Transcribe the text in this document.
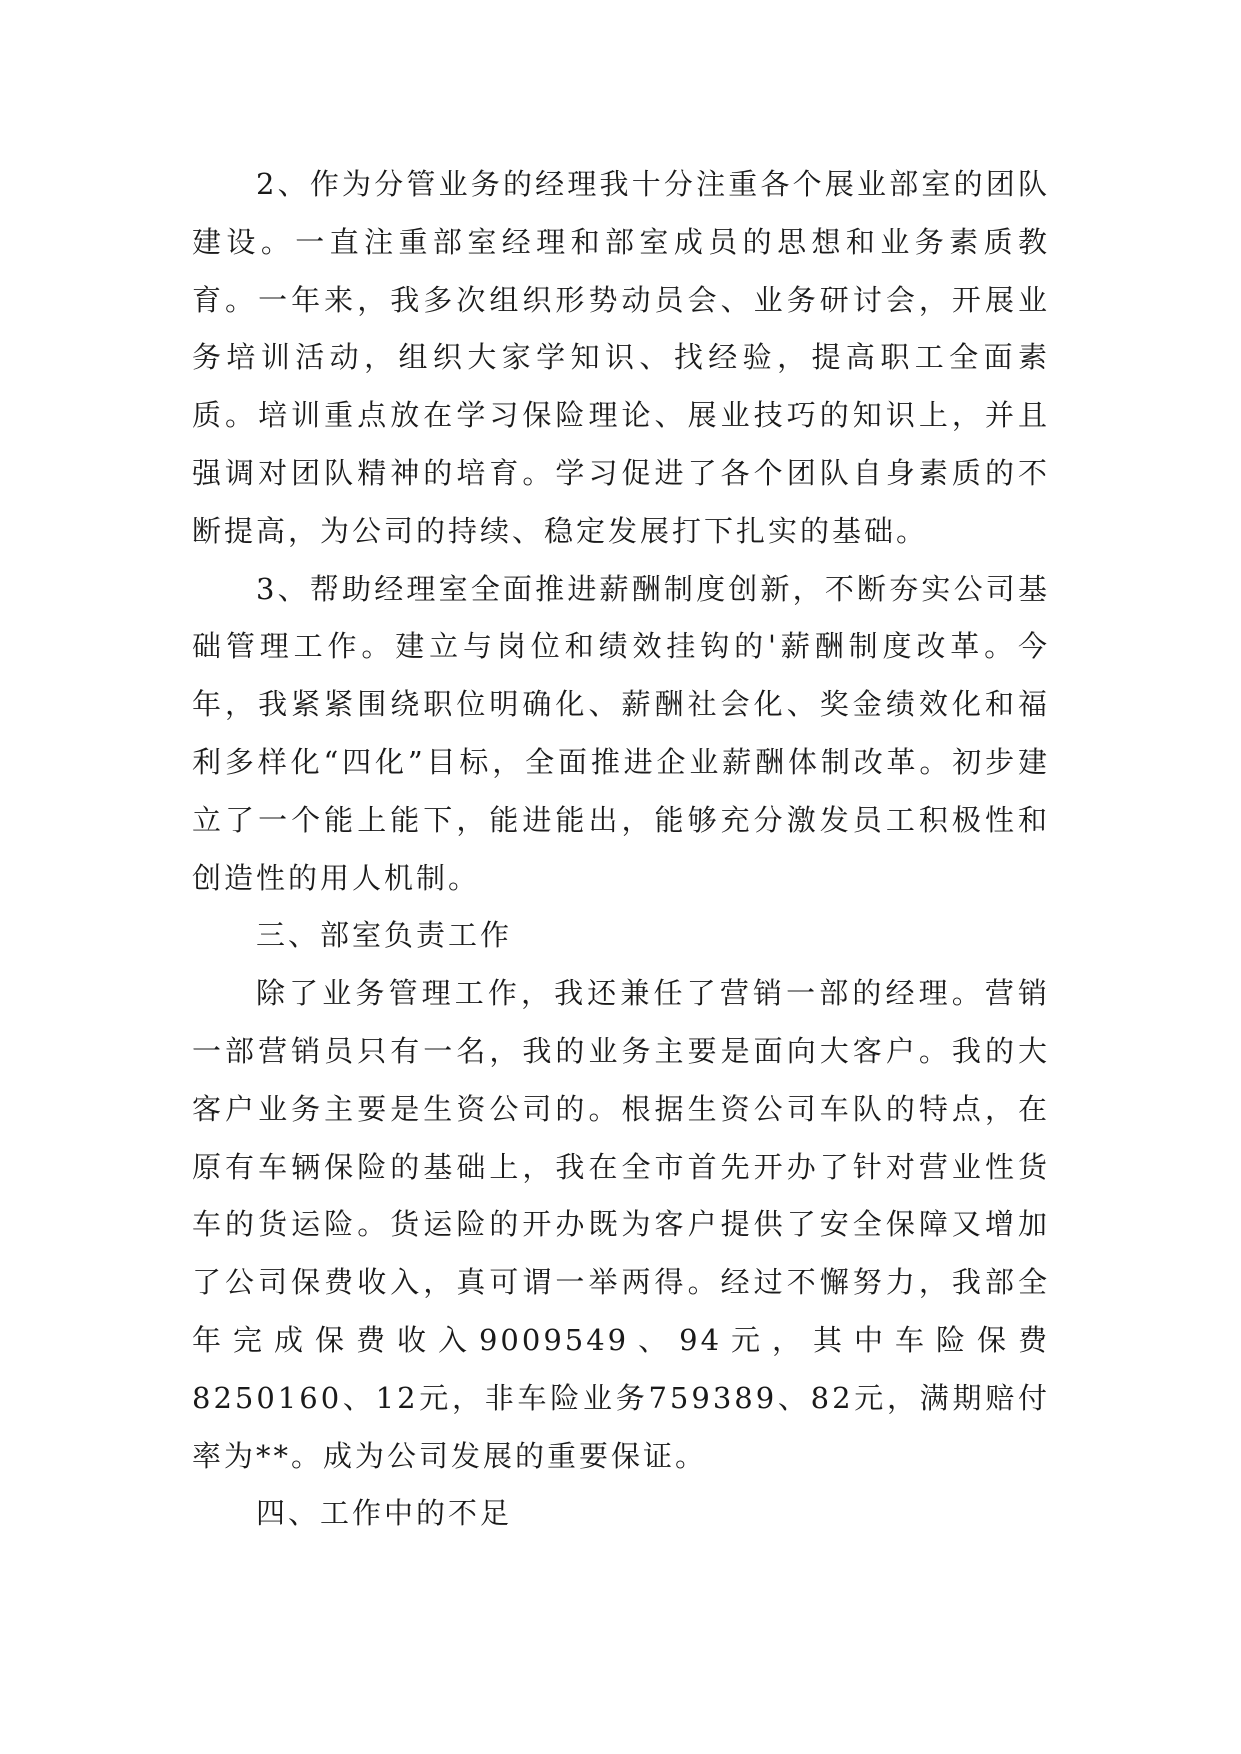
2、作为分管业务的经理我十分注重各个展业部室的团队建设。一直注重部室经理和部室成员的思想和业务素质教育。一年来，我多次组织形势动员会、业务研讨会，开展业务培训活动，组织大家学知识、找经验，提高职工全面素质。培训重点放在学习保险理论、展业技巧的知识上，并且强调对团队精神的培育。学习促进了各个团队自身素质的不断提高，为公司的持续、稳定发展打下扎实的基础。

3、帮助经理室全面推进薪酬制度创新，不断夯实公司基础管理工作。建立与岗位和绩效挂钩的'薪酬制度改革。今年，我紧紧围绕职位明确化、薪酬社会化、奖金绩效化和福利多样化“四化”目标，全面推进企业薪酬体制改革。初步建立了一个能上能下，能进能出，能够充分激发员工积极性和创造性的用人机制。

三、部室负责工作

除了业务管理工作，我还兼任了营销一部的经理。营销一部营销员只有一名，我的业务主要是面向大客户。我的大客户业务主要是生资公司的。根据生资公司车队的特点，在原有车辆保险的基础上，我在全市首先开办了针对营业性货车的货运险。货运险的开办既为客户提供了安全保障又增加了公司保费收入，真可谓一举两得。经过不懈努力，我部全年完成保费收入9009549、94元，其中车险保费8250160、12元，非车险业务759389、82元，满期赔付率为**。成为公司发展的重要保证。

四、工作中的不足
